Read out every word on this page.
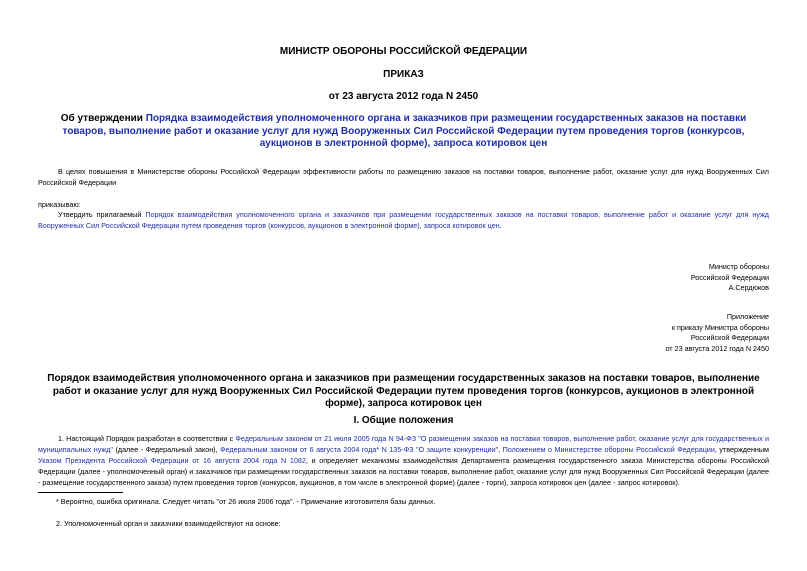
МИНИСТР ОБОРОНЫ РОССИЙСКОЙ ФЕДЕРАЦИИ
ПРИКАЗ
от 23 августа 2012 года N 2450
Об утверждении Порядка взаимодействия уполномоченного органа и заказчиков при размещении государственных заказов на поставки товаров, выполнение работ и оказание услуг для нужд Вооруженных Сил Российской Федерации путем проведения торгов (конкурсов, аукционов в электронной форме), запроса котировок цен
В целях повышения в Министерстве обороны Российской Федерации эффективности работы по размещению заказов на поставки товаров, выполнение работ, оказание услуг для нужд Вооруженных Сил Российской Федерации
приказываю:
Утвердить прилагаемый Порядок взаимодействия уполномоченного органа и заказчиков при размещении государственных заказов на поставки товаров, выполнение работ и оказание услуг для нужд Вооруженных Сил Российской Федерации путем проведения торгов (конкурсов, аукционов в электронной форме), запроса котировок цен.
Министр обороны
Российской Федерации
А.Сердюков
Приложение
к приказу Министра обороны
Российской Федерации
от 23 августа 2012 года N 2450
Порядок взаимодействия уполномоченного органа и заказчиков при размещении государственных заказов на поставки товаров, выполнение работ и оказание услуг для нужд Вооруженных Сил Российской Федерации путем проведения торгов (конкурсов, аукционов в электронной форме), запроса котировок цен
I. Общие положения
1. Настоящий Порядок разработан в соответствии с Федеральным законом от 21 июля 2005 года N 94-ФЗ "О размещении заказов на поставки товаров, выполнение работ, оказание услуг для государственных и муниципальных нужд" (далее - Федеральный закон), Федеральным законом от 6 августа 2004 года* N 135-ФЗ "О защите конкуренции", Положением о Министерстве обороны Российской Федерации, утвержденным Указом Президента Российской Федерации от 16 августа 2004 года N 1082, и определяет механизмы взаимодействия Департамента размещения государственного заказа Министерства обороны Российской Федерации (далее - уполномоченный орган) и заказчиков при размещении государственных заказов на поставки товаров, выполнение работ, оказание услуг для нужд Вооруженных Сил Российской Федерации (далее - размещение государственного заказа) путем проведения торгов (конкурсов, аукционов, в том числе в электронной форме) (далее - торги), запроса котировок цен (далее - запрос котировок).
* Вероятно, ошибка оригинала. Следует читать "от 26 июля 2006 года". - Примечание изготовителя базы данных.
2. Уполномоченный орган и заказчики взаимодействуют на основе:
